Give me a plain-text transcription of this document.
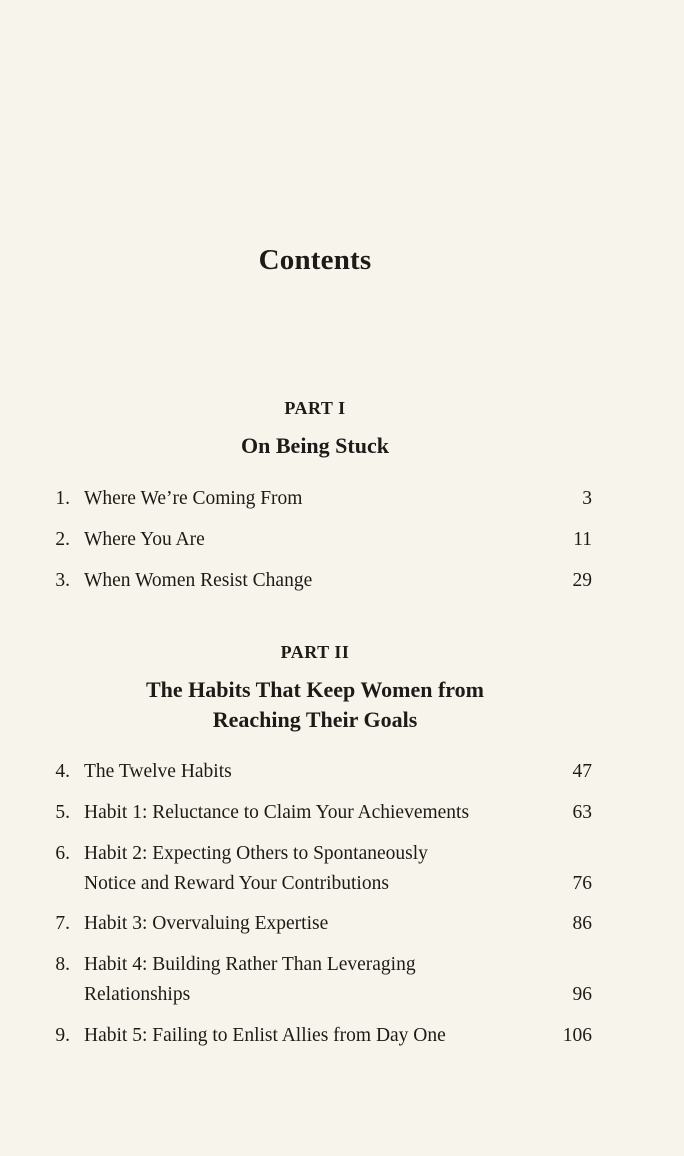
Contents
PART I
On Being Stuck
1. Where We’re Coming From	3
2. Where You Are	11
3. When Women Resist Change	29
PART II
The Habits That Keep Women from
Reaching Their Goals
4. The Twelve Habits	47
5. Habit 1: Reluctance to Claim Your Achievements	63
6. Habit 2: Expecting Others to Spontaneously
Notice and Reward Your Contributions	76
7. Habit 3: Overvaluing Expertise	86
8. Habit 4: Building Rather Than Leveraging
Relationships	96
9. Habit 5: Failing to Enlist Allies from Day One	106
